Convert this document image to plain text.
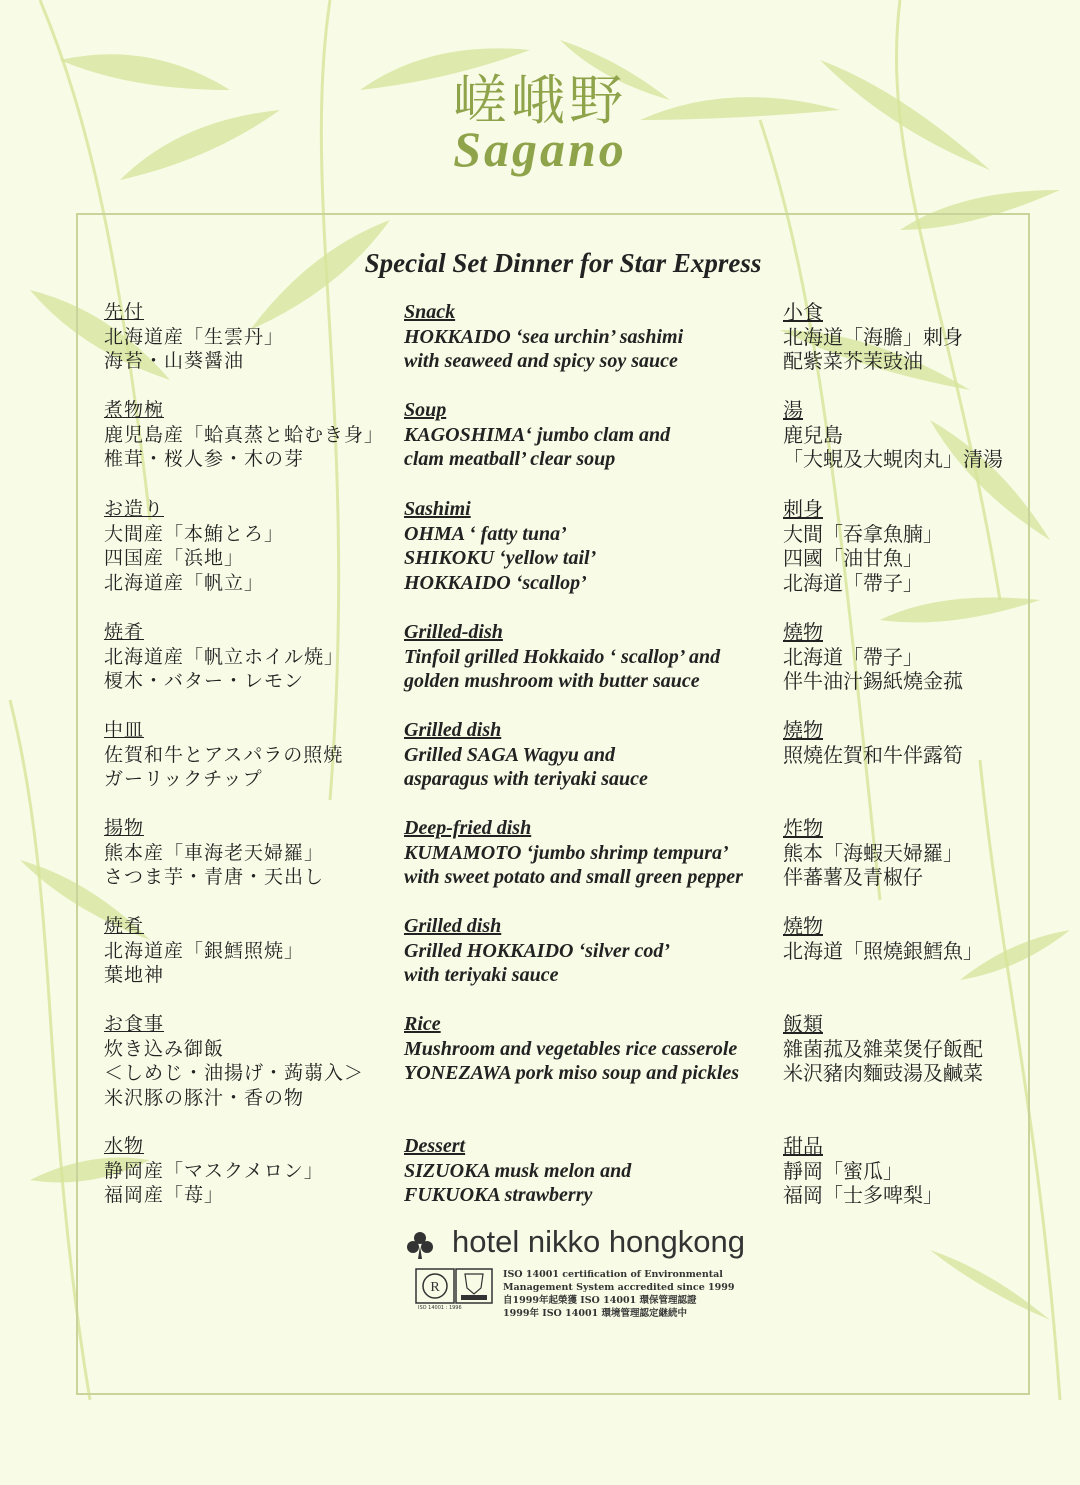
嵯峨野
Sagano
Special Set Dinner for Star Express
先付
北海道産「生雲丹」
海苔・山葵醤油
Snack
HOKKAIDO ‘sea urchin’ sashimi
with seaweed and spicy soy sauce
小食
北海道「海膽」刺身
配紫菜芥茉豉油
煮物椀
鹿児島産「蛤真蒸と蛤むき身」
椎茸・桜人参・木の芽
Soup
KAGOSHIMA‘ jumbo clam and
clam meatball’ clear soup
湯
鹿兒島
「大蜆及大蜆肉丸」清湯
お造り
大間産「本鮪とろ」
四国産「浜地」
北海道産「帆立」
Sashimi
OHMA ‘ fatty tuna’
SHIKOKU ‘yellow tail’
HOKKAIDO ‘scallop’
刺身
大間「吞拿魚腩」
四國「油甘魚」
北海道「帶子」
焼肴
北海道産「帆立ホイル焼」
榎木・バター・レモン
Grilled-dish
Tinfoil grilled Hokkaido ‘ scallop’ and
golden mushroom with butter sauce
燒物
北海道「帶子」
伴牛油汁錫紙燒金菰
中皿
佐賀和牛とアスパラの照焼
ガーリックチップ
Grilled dish
Grilled SAGA Wagyu and
asparagus with teriyaki sauce
燒物
照燒佐賀和牛伴露筍
揚物
熊本産「車海老天婦羅」
さつま芋・青唐・天出し
Deep-fried dish
KUMAMOTO ‘jumbo shrimp tempura’
with sweet potato and small green pepper
炸物
熊本「海蝦天婦羅」
伴蕃薯及青椒仔
焼肴
北海道産「銀鱈照焼」
葉地神
Grilled dish
Grilled HOKKAIDO ‘silver cod’
with teriyaki sauce
燒物
北海道「照燒銀鱈魚」
お食事
炊き込み御飯
＜しめじ・油揚げ・蒟蒻入＞
米沢豚の豚汁・香の物
Rice
Mushroom and vegetables rice casserole
YONEZAWA pork miso soup and pickles
飯類
雜菌菰及雜菜煲仔飯配
米沢豬肉麵豉湯及鹹菜
水物
静岡産「マスクメロン」
福岡産「苺」
Dessert
SIZUOKA musk melon and
FUKUOKA strawberry
甜品
靜岡「蜜瓜」
福岡「士多啤梨」
hotel nikko hongkong
R
ISO 14001 : 1996
ISO 14001 certification of Environmental
Management System accredited since 1999
自1999年起榮獲 ISO 14001 環保管理認證
1999年 ISO 14001 環境管理認定継続中
